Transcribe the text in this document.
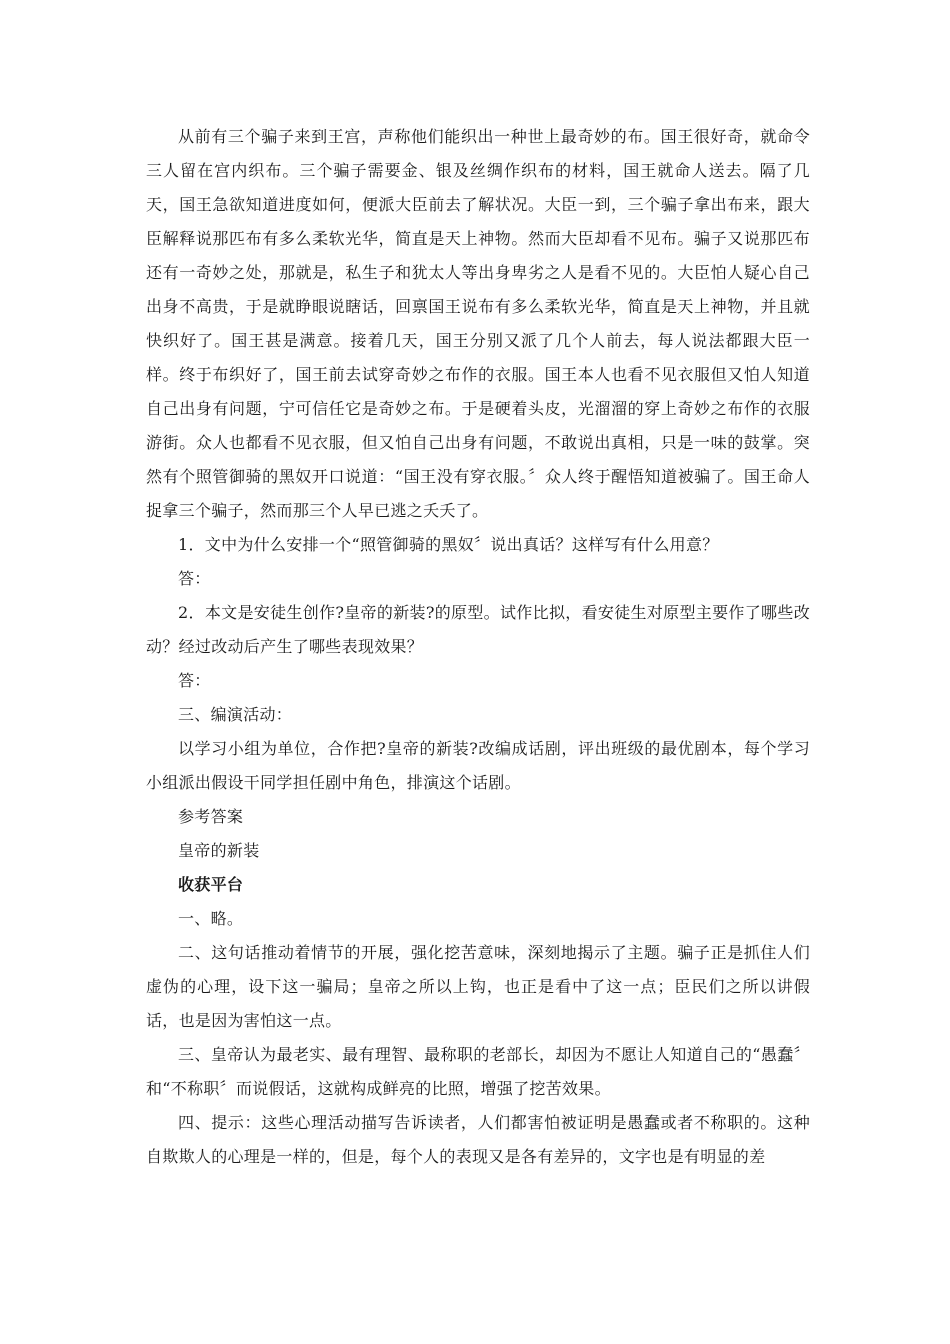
从前有三个骗子来到王宫，声称他们能织出一种世上最奇妙的布。国王很好奇，就命令三人留在宫内织布。三个骗子需要金、银及丝绸作织布的材料，国王就命人送去。隔了几天，国王急欲知道进度如何，便派大臣前去了解状况。大臣一到，三个骗子拿出布来，跟大臣解释说那匹布有多么柔软光华，简直是天上神物。然而大臣却看不见布。骗子又说那匹布还有一奇妙之处，那就是，私生子和犹太人等出身卑劣之人是看不见的。大臣怕人疑心自己出身不高贵，于是就睁眼说瞎话，回禀国王说布有多么柔软光华，简直是天上神物，并且就快织好了。国王甚是满意。接着几天，国王分别又派了几个人前去，每人说法都跟大臣一样。终于布织好了，国王前去试穿奇妙之布作的衣服。国王本人也看不见衣服但又怕人知道自己出身有问题，宁可信任它是奇妙之布。于是硬着头皮，光溜溜的穿上奇妙之布作的衣服游街。众人也都看不见衣服，但又怕自己出身有问题，不敢说出真相，只是一味的鼓掌。突然有个照管御骑的黑奴开口说道：“国王没有穿衣服。〞众人终于醒悟知道被骗了。国王命人捉拿三个骗子，然而那三个人早已逃之夭夭了。

1．文中为什么安排一个“照管御骑的黑奴〞说出真话？这样写有什么用意？

答：

2．本文是安徒生创作?皇帝的新装?的原型。试作比拟，看安徒生对原型主要作了哪些改动？经过改动后产生了哪些表现效果？

答：

三、编演活动：

以学习小组为单位，合作把?皇帝的新装?改编成话剧，评出班级的最优剧本，每个学习小组派出假设干同学担任剧中角色，排演这个话剧。

参考答案

皇帝的新装

收获平台

一、略。

二、这句话推动着情节的开展，强化挖苦意味，深刻地揭示了主题。骗子正是抓住人们虚伪的心理，设下这一骗局；皇帝之所以上钩，也正是看中了这一点；臣民们之所以讲假话，也是因为害怕这一点。

三、皇帝认为最老实、最有理智、最称职的老部长，却因为不愿让人知道自己的“愚蠢〞和“不称职〞而说假话，这就构成鲜亮的比照，增强了挖苦效果。

四、提示：这些心理活动描写告诉读者，人们都害怕被证明是愚蠢或者不称职的。这种自欺欺人的心理是一样的，但是，每个人的表现又是各有差异的，文字也是有明显的差
